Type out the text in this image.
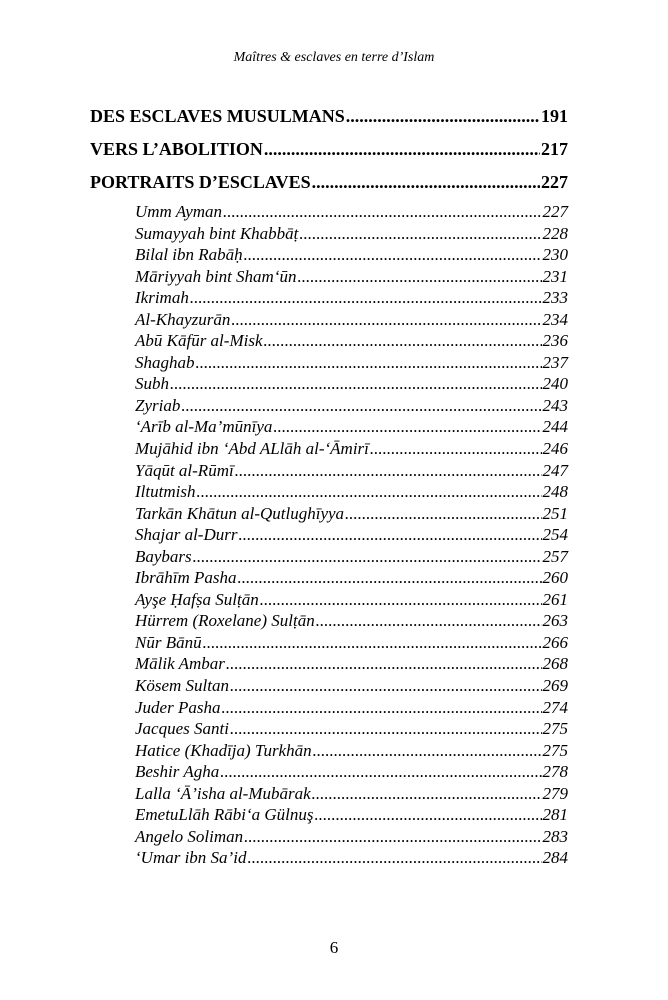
Maîtres & esclaves en terre d’Islam
DES ESCLAVES MUSULMANS .....	191
VERS L’ABOLITION .....	217
PORTRAITS D’ESCLAVES .....	227
Umm Ayman .....	227
Sumayyah bint Khabbāṭ .....	228
Bilal ibn Rabāḥ .....	230
Māriyyah bint Sham‘ūn .....	231
Ikrimah .....	233
Al-Khayzurān .....	234
Abū Kāfūr al-Misk .....	236
Shaghab .....	237
Subh .....	240
Zyriab .....	243
‘Arīb al-Ma’mūnīya .....	244
Mujāhid ibn ‘Abd ALlāh al-‘Āmirī .....	246
Yāqūt al-Rūmī .....	247
Iltutmish .....	248
Tarkān Khātun al-Qutlughīyya .....	251
Shajar al-Durr .....	254
Baybars .....	257
Ibrāhīm Pasha .....	260
Ayşe Ḥafṣa Sulṭān .....	261
Hürrem (Roxelane) Sulṭān .....	263
Nūr Bānū .....	266
Mālik Ambar .....	268
Kösem Sultan .....	269
Juder Pasha .....	274
Jacques Santi .....	275
Hatice (Khadīja) Turkhān .....	275
Beshir Agha .....	278
Lalla ‘Ā’isha al-Mubārak .....	279
EmetuLlāh Rābi‘a Gülnuş .....	281
Angelo Soliman .....	283
‘Umar ibn Sa’id .....	284
6
